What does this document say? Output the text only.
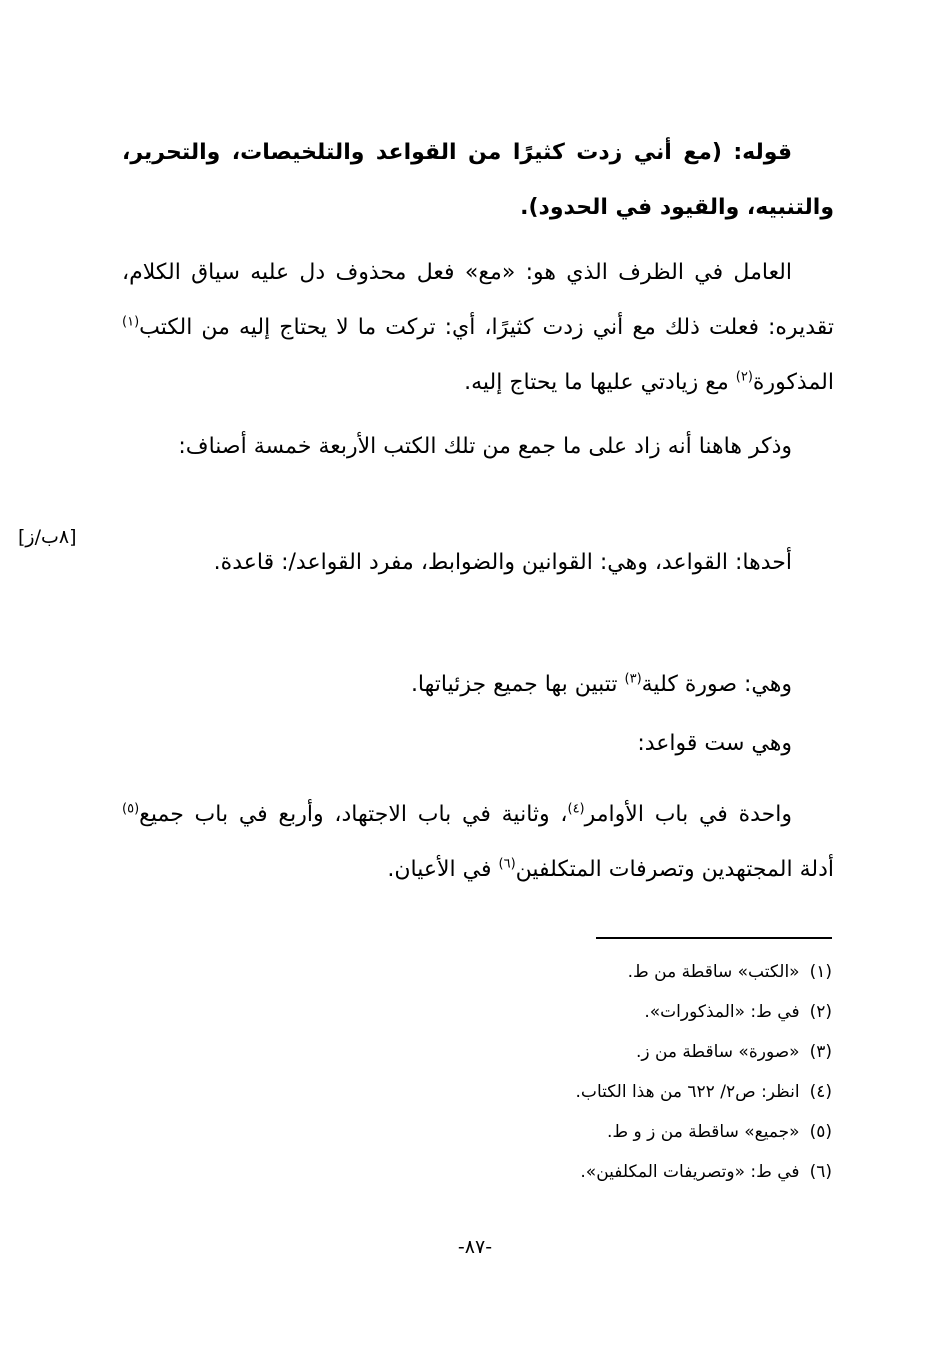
قوله: (مع أني زدت كثيرًا من القواعد والتلخيصات، والتحرير، والتنبيه، والقيود في الحدود).

العامل في الظرف الذي هو: «مع» فعل محذوف دل عليه سياق الكلام، تقديره: فعلت ذلك مع أني زدت كثيرًا، أي: تركت ما لا يحتاج إليه من الكتب$^{(١)}$ المذكورة$^{(٢)}$ مع زيادتي عليها ما يحتاج إليه.

وذكر هاهنا أنه زاد على ما جمع من تلك الكتب الأربعة خمسة أصناف:

أحدها: القواعد، وهي: القوانين والضوابط، مفرد القواعد/: قاعدة.

وهي: صورة كلية$^{(٣)}$ تتبين بها جميع جزئياتها.

وهي ست قواعد:

واحدة في باب الأوامر$^{(٤)}$، وثانية في باب الاجتهاد، وأربع في باب جميع$^{(٥)}$ أدلة المجتهدين وتصرفات المتكلفين$^{(٦)}$ في الأعيان.

[٨ب/ز]
(١)«الكتب» ساقطة من ط.
(٢)في ط: «المذكورات».
(٣)«صورة» ساقطة من ز.
(٤)انظر: ص٢/ ٦٢٢ من هذا الكتاب.
(٥)«جميع» ساقطة من ز و ط.
(٦)في ط: «وتصريفات المكلفين».
-٨٧-
